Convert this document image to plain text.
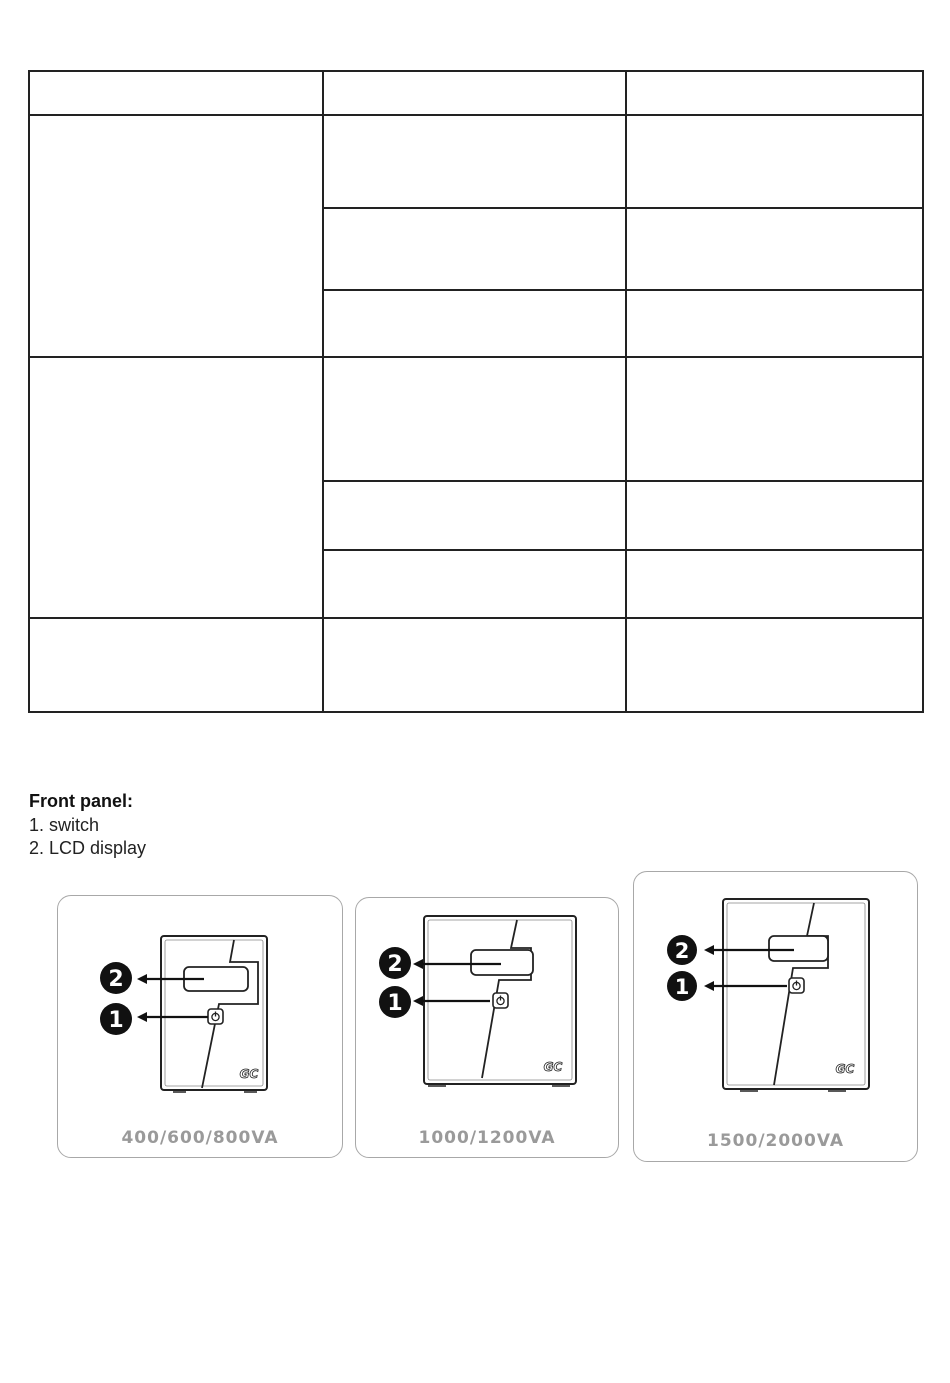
Front panel:
1. switch
2. LCD display
2
1
GC
400/600/800VA
2
1
GC
1000/1200VA
2
1
GC
1500/2000VA
